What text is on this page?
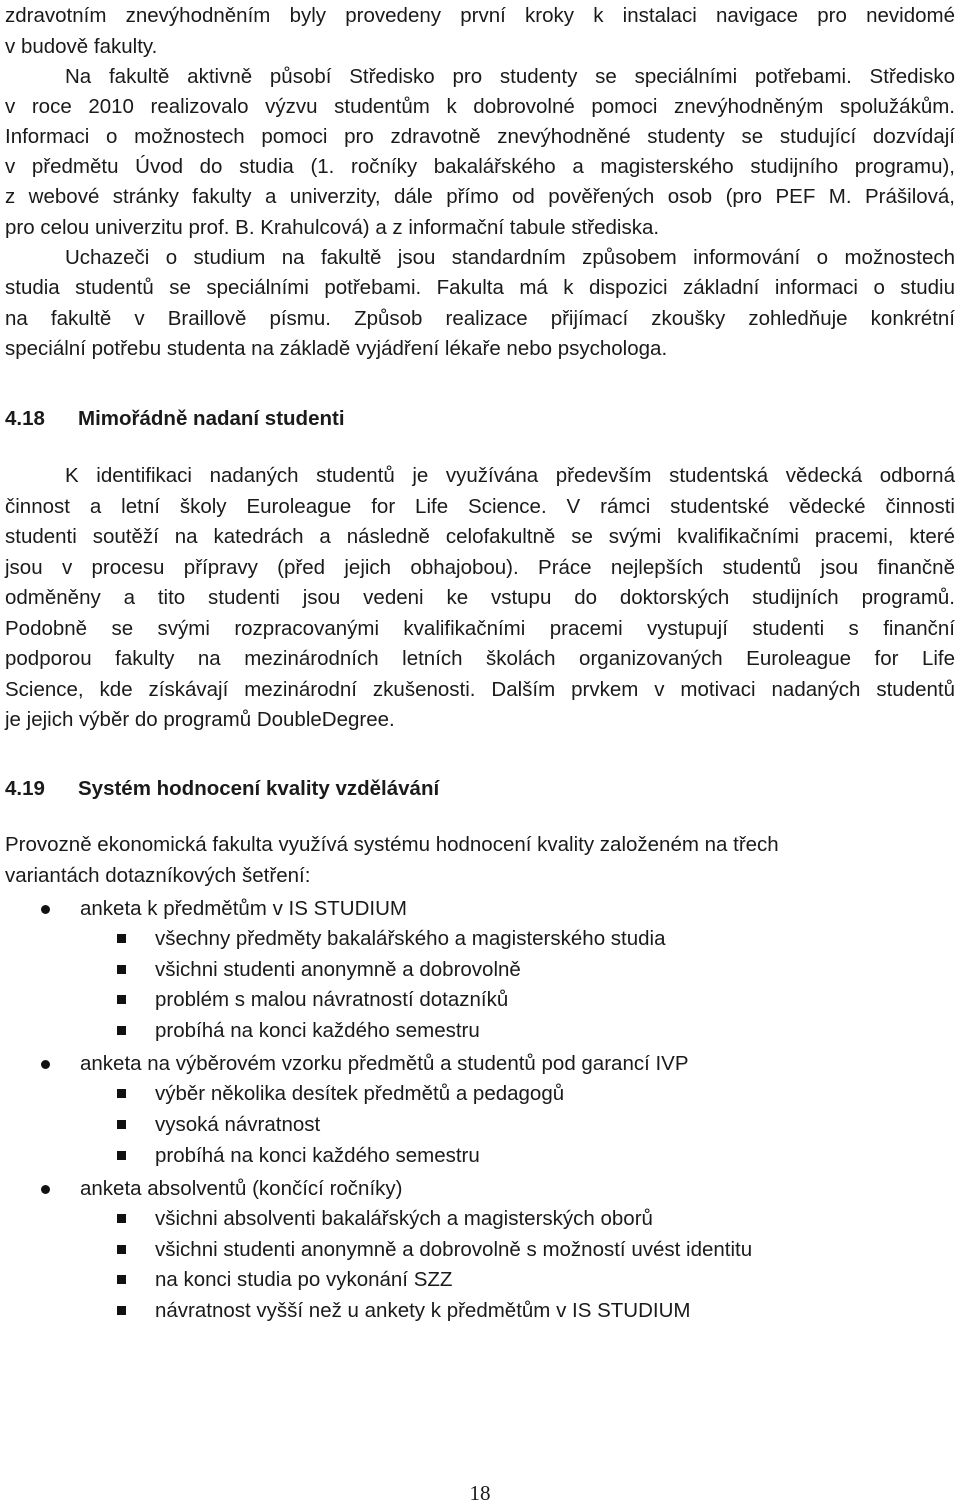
zdravotním znevýhodněním byly provedeny první kroky k instalaci navigace pro nevidomé
v budově fakulty.
Na fakultě aktivně působí Středisko pro studenty se speciálními potřebami. Středisko
v roce 2010 realizovalo výzvu studentům k dobrovolné pomoci znevýhodněným spolužákům.
Informaci o možnostech pomoci pro zdravotně znevýhodněné studenty se studující dozvídají
v předmětu Úvod do studia (1. ročníky bakalářského a magisterského studijního programu),
z webové stránky fakulty a univerzity, dále přímo od pověřených osob (pro PEF M. Prášilová,
pro celou univerzitu prof. B. Krahulcová) a z informační tabule střediska.
Uchazeči o studium na fakultě jsou standardním způsobem informování o možnostech
studia studentů se speciálními potřebami. Fakulta má k dispozici základní informaci o studiu
na fakultě v Braillově písmu. Způsob realizace přijímací zkoušky zohledňuje konkrétní
speciální potřebu studenta na základě vyjádření lékaře nebo psychologa.
4.18 Mimořádně nadaní studenti
K identifikaci nadaných studentů je využívána především studentská vědecká odborná
činnost a letní školy Euroleague for Life Science. V rámci studentské vědecké činnosti
studenti soutěží na katedrách a následně celofakultně se svými kvalifikačními pracemi, které
jsou v procesu přípravy (před jejich obhajobou). Práce nejlepších studentů jsou finančně
odměněny a tito studenti jsou vedeni ke vstupu do doktorských studijních programů.
Podobně se svými rozpracovanými kvalifikačními pracemi vystupují studenti s finanční
podporou fakulty na mezinárodních letních školách organizovaných Euroleague for Life
Science, kde získávají mezinárodní zkušenosti. Dalším prvkem v motivaci nadaných studentů
je jejich výběr do programů DoubleDegree.
4.19 Systém hodnocení kvality vzdělávání
Provozně ekonomická fakulta využívá systému hodnocení kvality založeném na třech
variantách dotazníkových šetření:
anketa k předmětům v IS STUDIUM
všechny předměty bakalářského a magisterského studia
všichni studenti anonymně a dobrovolně
problém s malou návratností dotazníků
probíhá na konci každého semestru
anketa na výběrovém vzorku předmětů a studentů pod garancí IVP
výběr několika desítek předmětů a pedagogů
vysoká návratnost
probíhá na konci každého semestru
anketa absolventů (končící ročníky)
všichni absolventi bakalářských a magisterských oborů
všichni studenti anonymně a dobrovolně s možností uvést identitu
na konci studia po vykonání SZZ
návratnost vyšší než u ankety k předmětům v IS STUDIUM
18
